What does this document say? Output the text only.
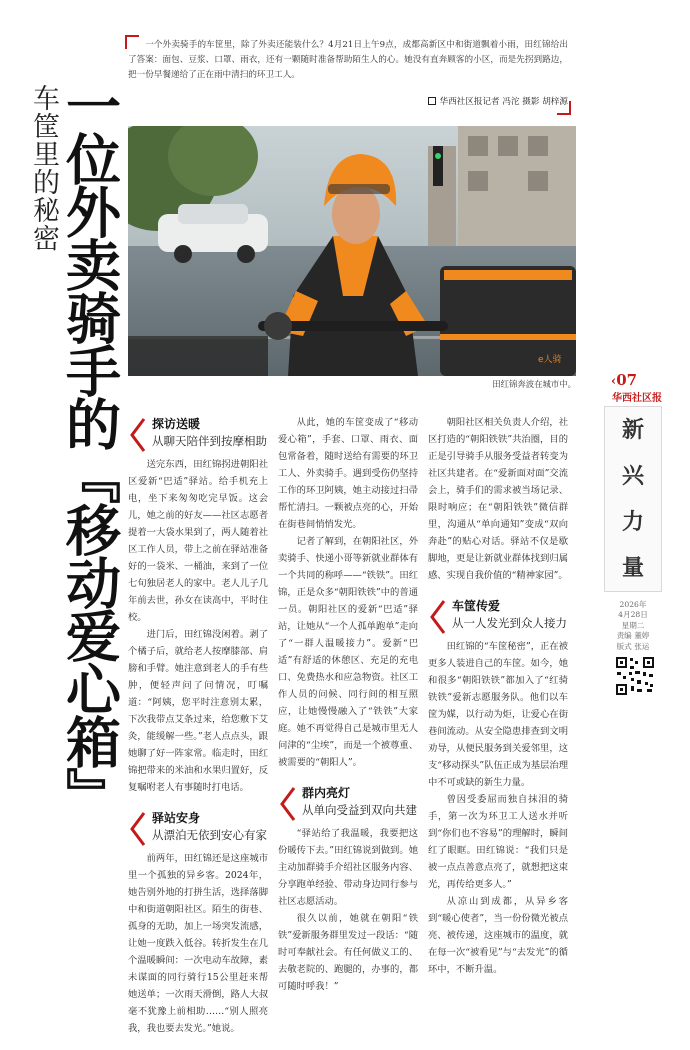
一个外卖骑手的车筐里，除了外卖还能装什么？4月21日上午9点，成都高新区中和街道飘着小雨，田红锦给出了答案：面包、豆浆、口罩、雨衣，还有一颗随时准备帮助陌生人的心。她没有直奔顾客的小区，而是先拐到路边，把一份早餐递给了正在雨中清扫的环卫工人。

华西社区报记者 冯沱 摄影 胡梓源
车筐里的秘密
一位外卖骑手的『移动爱心箱』	e人骑
田红锦奔波在城市中。
探访送暖
从聊天陪伴到按摩相助

送完东西，田红锦拐进朝阳社区爱新“巴适”驿站。给手机充上电，坐下来匆匆吃完早饭。这会儿，她之前的好友——社区志愿者提着一大袋水果到了，两人随着社区工作人员，带上之前在驿站准备好的一袋米、一桶油，来到了一位七旬独居老人的家中。老人儿子几年前去世，孙女在读高中，平时住校。

进门后，田红锦没闲着。剥了个橘子后，就给老人按摩膝部、肩膀和手臂。她注意到老人的手有些肿，便轻声问了问情况，叮嘱道：“阿姨，您平时注意别太累，下次我带点艾条过来，给您敷下艾灸，能缓解一些。”老人点点头，跟她聊了好一阵家常。临走时，田红锦把带来的米油和水果归置好，反复嘱咐老人有事随时打电话。

驿站安身
从漂泊无依到安心有家

前两年，田红锦还是这座城市里一个孤独的异乡客。2024年，她告别外地的打拼生活，选择落脚中和街道朝阳社区。陌生的街巷、孤身的无助，加上一场突发流感，让她一度跌入低谷。转折发生在几个温暖瞬间：一次电动车故障，素未谋面的同行骑行15公里赶来帮她送单；一次雨天滑倒，路人大叔毫不犹豫上前相助……“别人照亮我，我也要去发光。”她说。

从此，她的车筐变成了“移动爱心箱”，手套、口罩、雨衣、面包常备着，随时送给有需要的环卫工人、外卖骑手。遇到受伤仍坚持工作的环卫阿姨，她主动接过扫帚帮忙清扫。一颗被点亮的心，开始在街巷间悄悄发光。

记者了解到，在朝阳社区，外卖骑手、快递小哥等新就业群体有一个共同的称呼——“铁铁”。田红锦，正是众多“朝阳铁铁”中的普通一员。朝阳社区的爱新“巴适”驿站，让她从“一个人孤单跑单”走向了“一群人温暖接力”。爱新“巴适”有舒适的休憩区、充足的充电口、免费热水和应急物资。社区工作人员的问候、同行间的相互照应，让她慢慢融入了“铁铁”大家庭。她不再觉得自己是城市里无人问津的“尘埃”，而是一个被尊重、被需要的“朝阳人”。

群内亮灯
从单向受益到双向共建

“驿站给了我温暖，我要把这份暖传下去。”田红锦说到做到。她主动加群骑手介绍社区服务内容、分享跑单经验、带动身边同行参与社区志愿活动。

很久以前，她就在朝阳“铁铁”爱新服务群里发过一段话：“随时可奉献社会。有任何做义工的、去敬老院的、跑腿的，办事的，都可随时呼我！”

朝阳社区相关负责人介绍，社区打造的“朝阳铁铁”共治圈，目的正是引导骑手从服务受益者转变为社区共建者。在“爱新面对面”交流会上，骑手们的需求被当场记录、限时响应；在“朝阳铁铁”微信群里，沟通从“单向通知”变成“双向奔赴”的贴心对话。驿站不仅是歇脚地，更是让新就业群体找到归属感、实现自我价值的“精神家园”。

车筐传爱
从一人发光到众人接力

田红锦的“车筐秘密”，正在被更多人装进自己的车筐。如今，她和很多“朝阳铁铁”都加入了“红骑铁铁”爱新志愿服务队。他们以车筐为媒，以行动为炬，让爱心在街巷间流动。从安全隐患排查到文明劝导，从便民服务到关爱邻里，这支“移动探头”队伍正成为基层治理中不可或缺的新生力量。

曾因受委屈而独自抹泪的骑手，第一次为环卫工人送水并听到“你们也不容易”的理解时，瞬间红了眼眶。田红锦说：“我们只是被一点点善意点亮了，就想把这束光，再传给更多人。”

从凉山到成都，从异乡客到“暖心使者”，当一份份微光被点亮、被传递，这座城市的温度，就在每一次“被看见”与“去发光”的循环中，不断升温。

‹07
华西社区报
新
兴
力
量
2026年
4月28日
星期二
责编 董婷
版式 张运
